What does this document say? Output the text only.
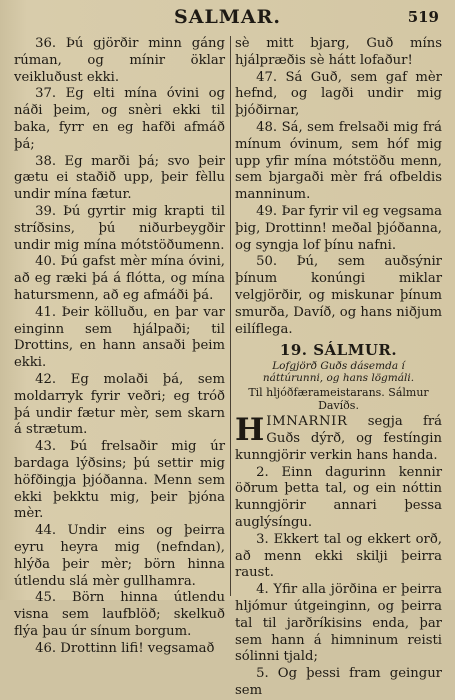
SALMAR.	519

36. Þú gjörðir minn gáng rúman, og mínir öklar veikluðust ekki.

37. Eg elti mína óvini og náði þeim, og snèri ekki til baka, fyrr en eg hafði afmáð þá;

38. Eg marði þá; svo þeir gætu ei staðið upp, þeir fèllu undir mína fætur.

39. Þú gyrtir mig krapti til stríðsins, þú niðurbeygðir undir mig mína mótstöðumenn.

40. Þú gafst mèr mína óvini, að eg ræki þá á flótta, og mína hatursmenn, að eg afmáði þá.

41. Þeir kölluðu, en þar var einginn sem hjálpaði; til Drottins, en hann ansaði þeim ekki.

42. Eg molaði þá, sem moldarryk fyrir veðri; eg tróð þá undir fætur mèr, sem skarn á strætum.

43. Þú frelsaðir mig úr bardaga lýðsins; þú settir mig höfðingja þjóðanna. Menn sem ekki þekktu mig, þeir þjóna mèr.

44. Undir eins og þeirra eyru heyra mig (nefndan), hlýða þeir mèr; börn hinna útlendu slá mèr gullhamra.

45. Börn hinna útlendu visna sem laufblöð; skelkuð flýa þau úr sínum borgum.

46. Drottinn lifi! vegsamað

sè mitt bjarg, Guð míns hjálpræðis sè hátt lofaður!

47. Sá Guð, sem gaf mèr hefnd, og lagði undir mig þjóðirnar,

48. Sá, sem frelsaði mig frá mínum óvinum, sem hóf mig upp yfir mína mótstöðu menn, sem bjargaði mèr frá ofbeldis manninum.

49. Þar fyrir vil eg vegsama þig, Drottinn! meðal þjóðanna, og syngja lof þínu nafni.

50. Þú, sem auðsýnir þínum konúngi miklar velgjörðir, og miskunar þínum smurða, Davíð, og hans niðjum eilíflega.

19. SÁLMUR.
Lofgjörð Guðs dásemda í náttúrunni, og hans lögmáli.
Til hljóðfærameistarans. Sálmur Davíðs.

HIMNARNIR segja frá Guðs dýrð, og festíngin kunngjörir verkin hans handa.

2. Einn dagurinn kennir öðrum þetta tal, og ein nóttin kunngjörir annari þessa auglýsíngu.

3. Ekkert tal og ekkert orð, að menn ekki skilji þeirra raust.

4. Yfir alla jörðina er þeirra hljómur útgeinginn, og þeirra tal til jarðríkisins enda, þar sem hann á himninum reisti sólinni tjald;

5. Og þessi fram geingur sem
